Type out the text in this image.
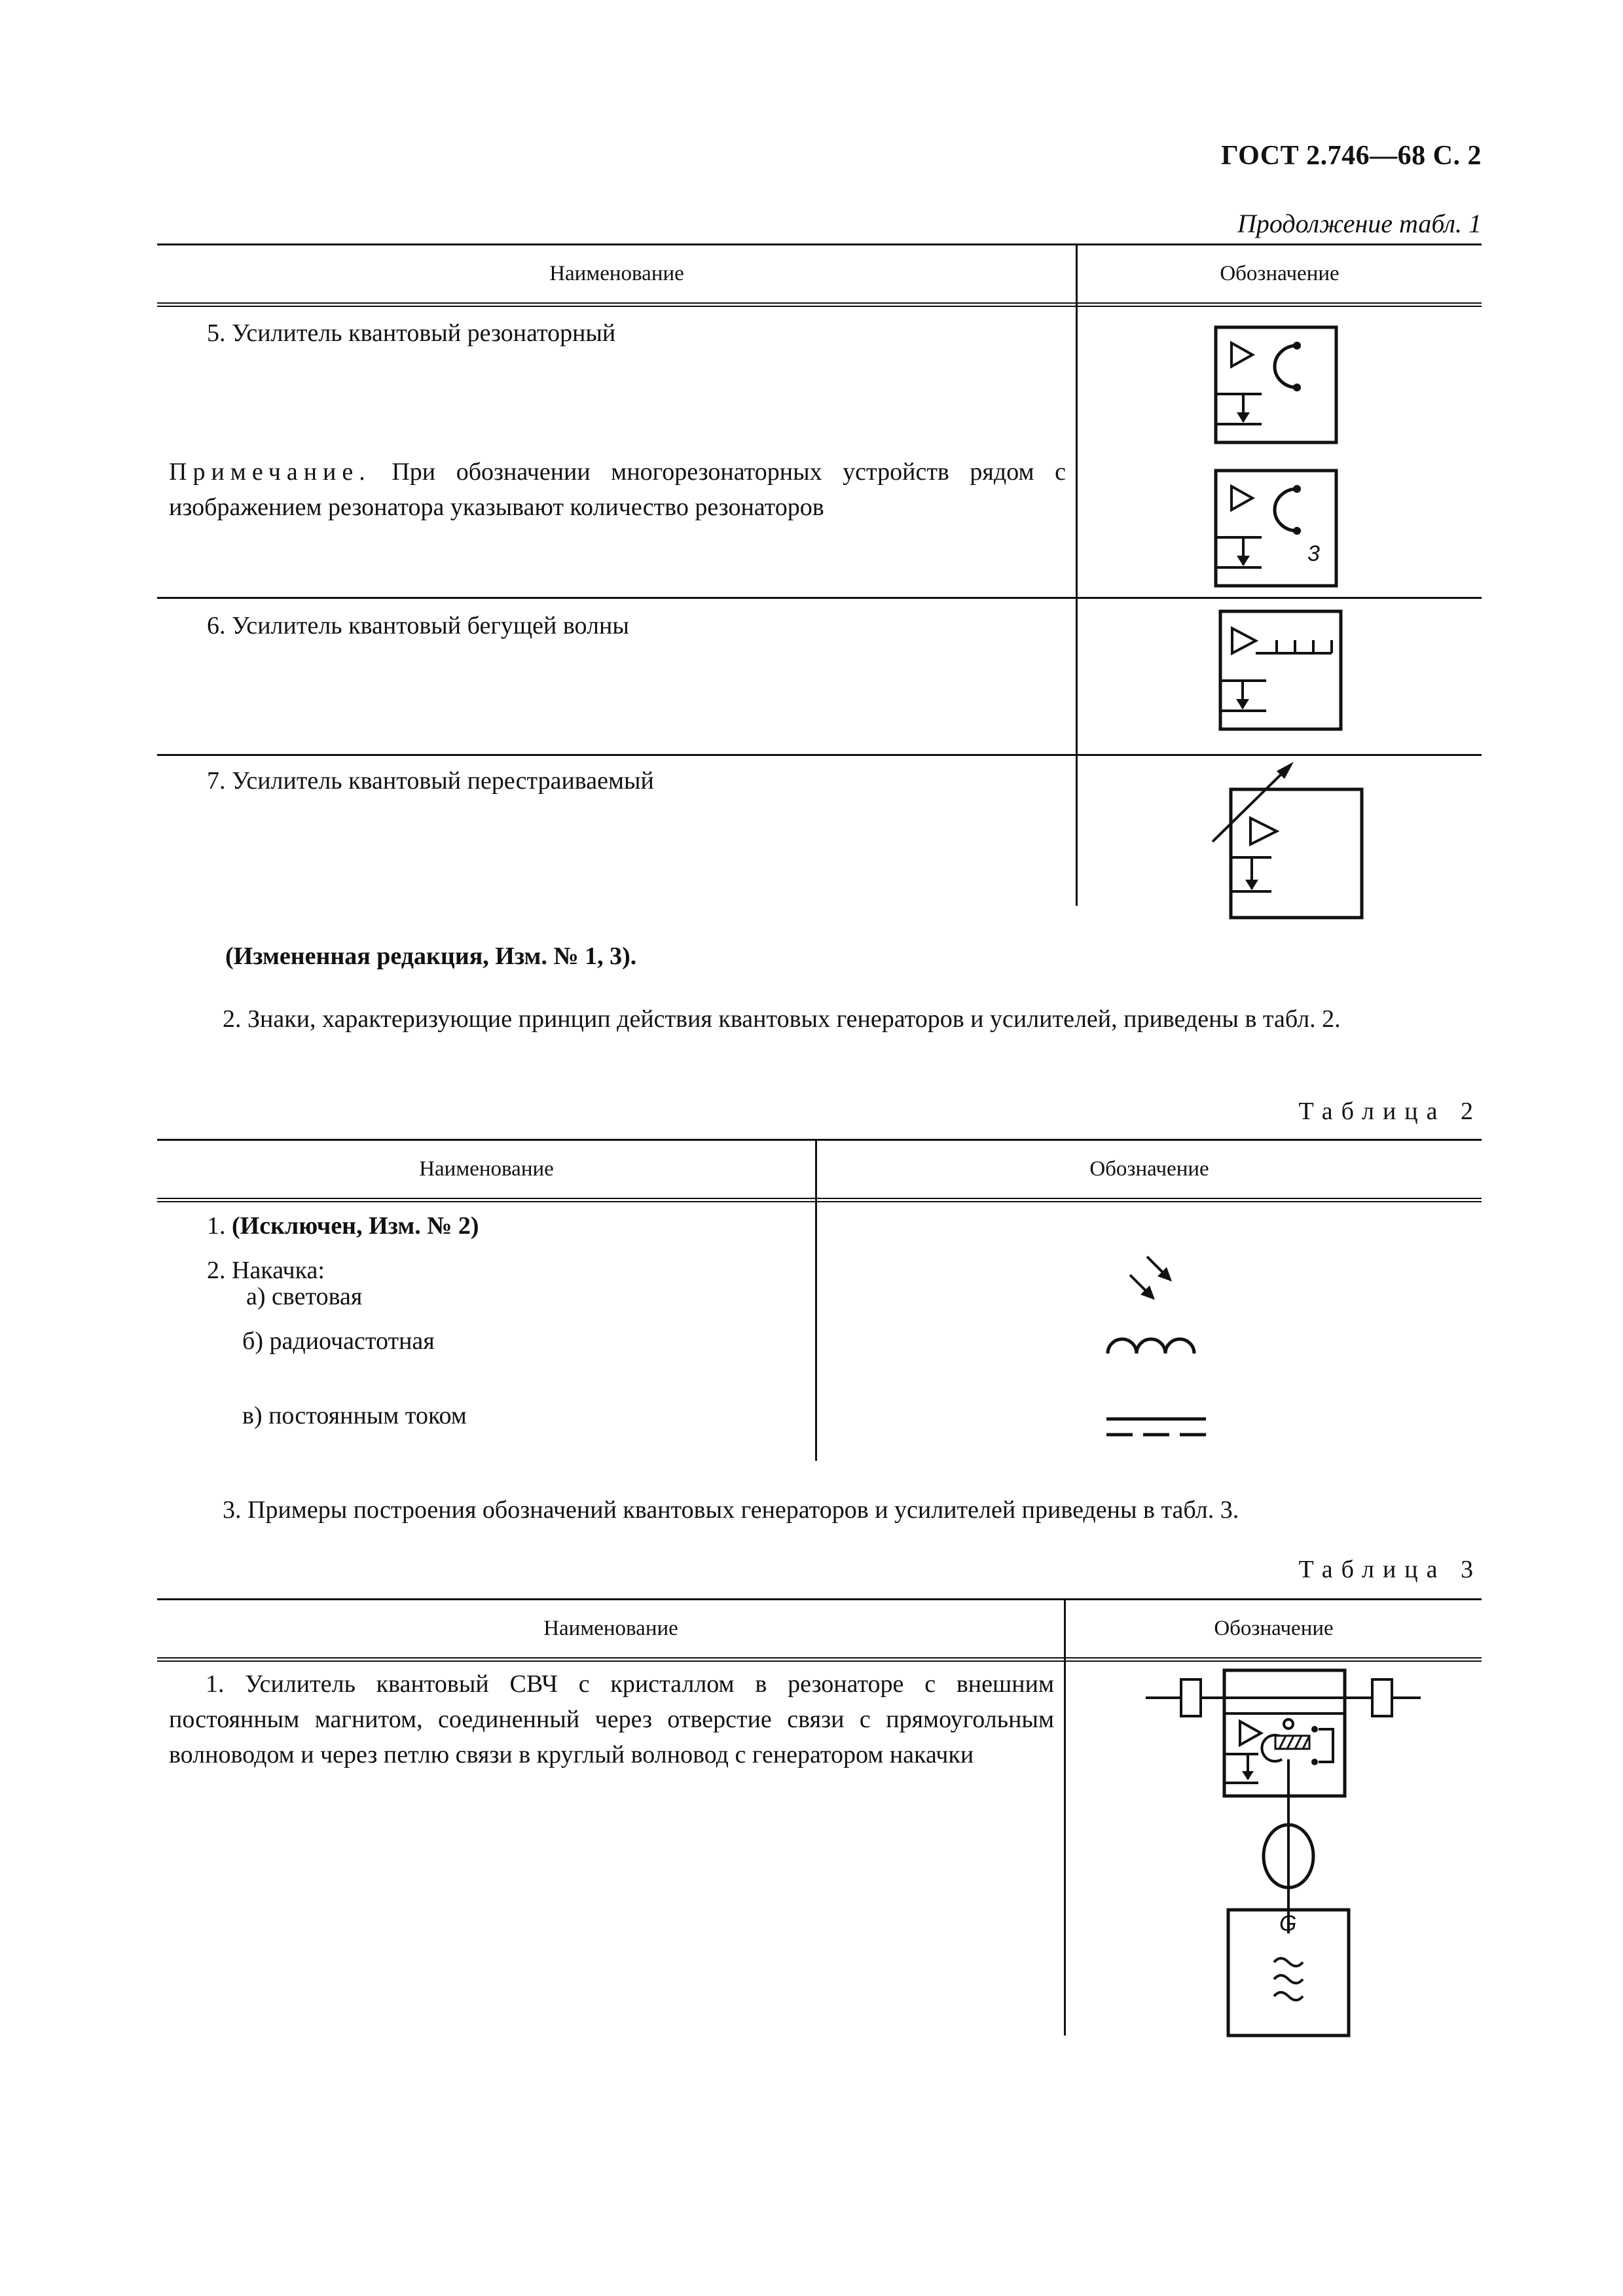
ГОСТ 2.746—68 С. 2
Продолжение табл. 1
Наименование	Обозначение
5. Усилитель квантовый резонаторный
Примечание. При обозначении многорезонаторных устройств рядом с изображением резонатора указывают количество резонаторов
3
6. Усилитель квантовый бегущей волны
7. Усилитель квантовый перестраиваемый
(Измененная редакция, Изм. № 1, 3).
2. Знаки, характеризующие принцип действия квантовых генераторов и усилителей, приведены в табл. 2.
Таблица 2
Наименование	Обозначение
1. (Исключен, Изм. № 2)
2. Накачка:
а) световая
б) радиочастотная
в) постоянным током
3. Примеры построения обозначений квантовых генераторов и усилителей приведены в табл. 3.
Таблица 3
Наименование	Обозначение
1. Усилитель квантовый СВЧ с кристаллом в резонаторе с внешним постоянным магнитом, соединенный через отверстие связи с прямоугольным волноводом и через петлю связи в круглый волновод с генератором накачки
G
